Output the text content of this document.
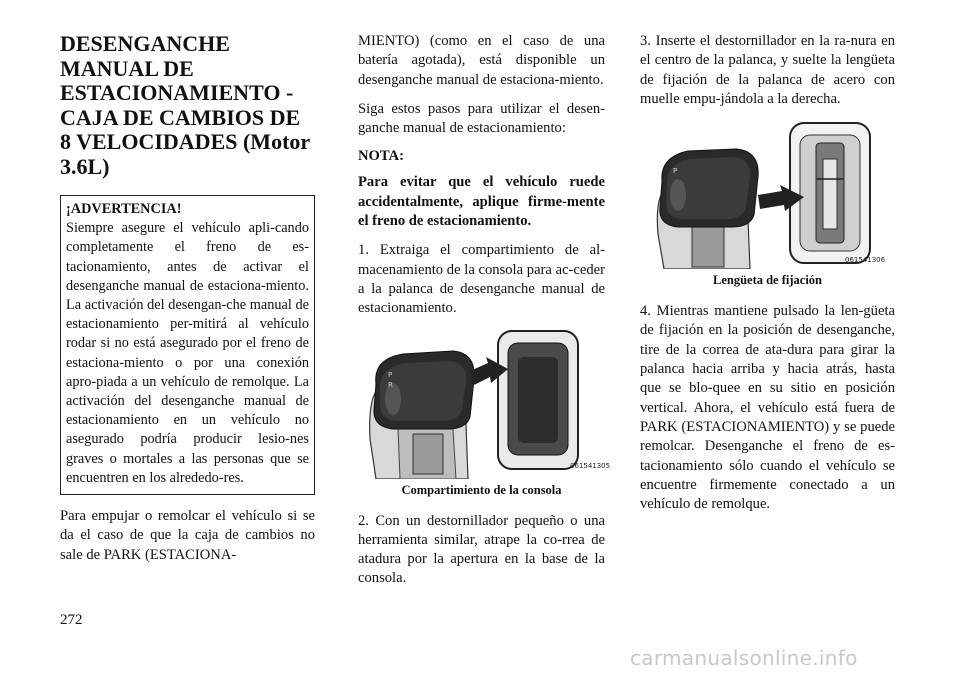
DESENGANCHE
MANUAL DE
ESTACIONAMIENTO -
CAJA DE CAMBIOS DE
8 VELOCIDADES (Motor
3.6L)
¡ADVERTENCIA!
Siempre asegure el vehículo apli-cando completamente el freno de es-tacionamiento, antes de activar el desenganche manual de estaciona-miento. La activación del desengan-che manual de estacionamiento per-mitirá al vehículo rodar si no está asegurado por el freno de estaciona-miento o por una conexión apro-piada a un vehículo de remolque. La activación del desenganche manual de estacionamiento en un vehículo no asegurado podría producir lesio-nes graves o mortales a las personas que se encuentren en los alrededo-res.

Para empujar o remolcar el vehículo si se da el caso de que la caja de cambios no sale de PARK (ESTACIONA-

MIENTO) (como en el caso de una batería agotada), está disponible un desenganche manual de estaciona-miento.

Siga estos pasos para utilizar el desen-ganche manual de estacionamiento:

NOTA:

Para evitar que el vehículo ruede accidentalmente, aplique firme-mente el freno de estacionamiento.

1. Extraiga el compartimiento de al-macenamiento de la consola para ac-ceder a la palanca de desenganche manual de estacionamiento.

P
R
061541305
Compartimiento de la consola

2. Con un destornillador pequeño o una herramienta similar, atrape la co-rrea de atadura por la apertura en la base de la consola.

3. Inserte el destornillador en la ra-nura en el centro de la palanca, y suelte la lengüeta de fijación de la palanca de acero con muelle empu-jándola a la derecha.

P
061541306
Lengüeta de fijación

4. Mientras mantiene pulsado la len-güeta de fijación en la posición de desenganche, tire de la correa de ata-dura para girar la palanca hacia arriba y hacia atrás, hasta que se blo-quee en su sitio en posición vertical. Ahora, el vehículo está fuera de PARK (ESTACIONAMIENTO) y se puede remolcar. Desenganche el freno de es-tacionamiento sólo cuando el vehículo se encuentre firmemente conectado a un vehículo de remolque.

272
carmanualsonline.info
